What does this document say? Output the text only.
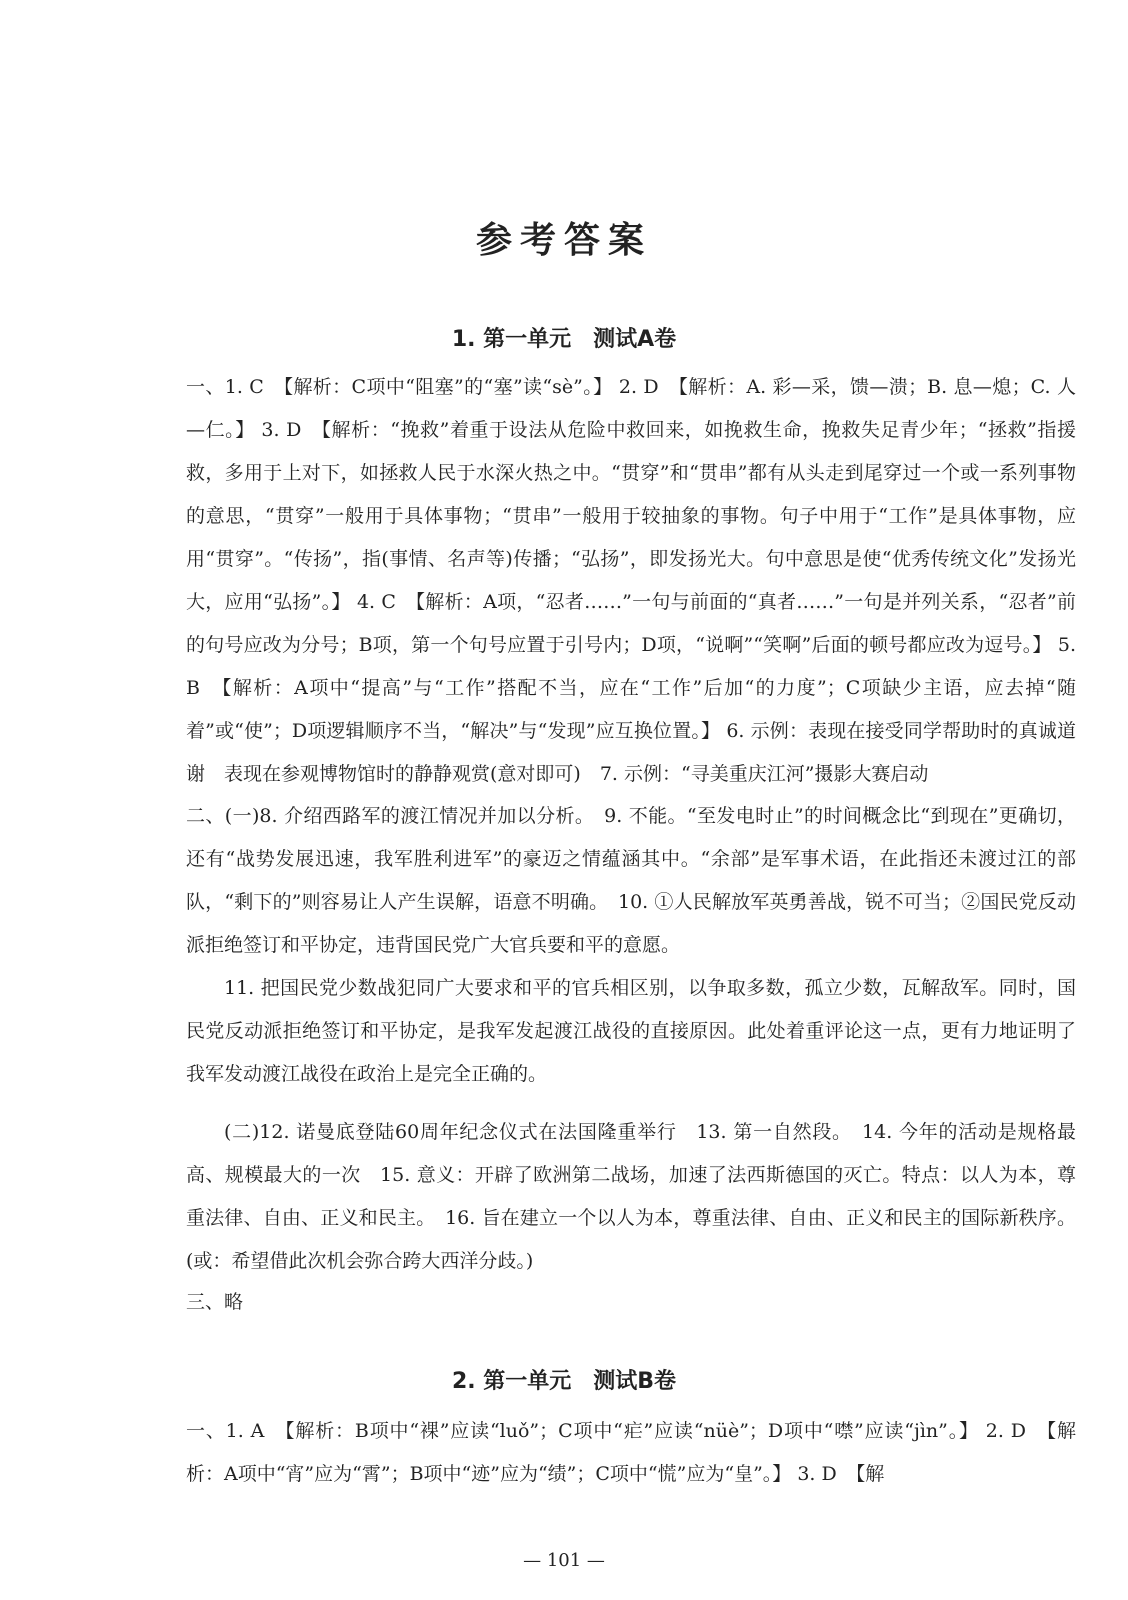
参考答案
1. 第一单元　测试A卷
一、1. C　【解析：C项中“阻塞”的“塞”读“sè”。】 2. D　【解析：A. 彩—采，馈—溃；B. 息—熄；C. 人—仁。】 3. D　【解析：“挽救”着重于设法从危险中救回来，如挽救生命，挽救失足青少年；“拯救”指援救，多用于上对下，如拯救人民于水深火热之中。“贯穿”和“贯串”都有从头走到尾穿过一个或一系列事物的意思，“贯穿”一般用于具体事物；“贯串”一般用于较抽象的事物。句子中用于“工作”是具体事物，应用“贯穿”。“传扬”，指(事情、名声等)传播；“弘扬”，即发扬光大。句中意思是使“优秀传统文化”发扬光大，应用“弘扬”。】 4. C　【解析：A项，“忍者……”一句与前面的“真者……”一句是并列关系，“忍者”前的句号应改为分号；B项，第一个句号应置于引号内；D项，“说啊”“笑啊”后面的顿号都应改为逗号。】 5. B　【解析：A项中“提高”与“工作”搭配不当，应在“工作”后加“的力度”；C项缺少主语，应去掉“随着”或“使”；D项逻辑顺序不当，“解决”与“发现”应互换位置。】 6. 示例：表现在接受同学帮助时的真诚道谢　表现在参观博物馆时的静静观赏(意对即可)　7. 示例：“寻美重庆江河”摄影大赛启动
二、(一)8. 介绍西路军的渡江情况并加以分析。　9. 不能。“至发电时止”的时间概念比“到现在”更确切，还有“战势发展迅速，我军胜利进军”的豪迈之情蕴涵其中。“余部”是军事术语，在此指还未渡过江的部队，“剩下的”则容易让人产生误解，语意不明确。　10. ①人民解放军英勇善战，锐不可当；②国民党反动派拒绝签订和平协定，违背国民党广大官兵要和平的意愿。
11. 把国民党少数战犯同广大要求和平的官兵相区别，以争取多数，孤立少数，瓦解敌军。同时，国民党反动派拒绝签订和平协定，是我军发起渡江战役的直接原因。此处着重评论这一点，更有力地证明了我军发动渡江战役在政治上是完全正确的。
(二)12. 诺曼底登陆60周年纪念仪式在法国隆重举行　13. 第一自然段。　14. 今年的活动是规格最高、规模最大的一次　15. 意义：开辟了欧洲第二战场，加速了法西斯德国的灭亡。特点：以人为本，尊重法律、自由、正义和民主。　16. 旨在建立一个以人为本，尊重法律、自由、正义和民主的国际新秩序。(或：希望借此次机会弥合跨大西洋分歧。)
三、略
2. 第一单元　测试B卷
一、1. A　【解析：B项中“裸”应读“luǒ”；C项中“疟”应读“nüè”；D项中“噤”应读“jìn”。】 2. D　【解析：A项中“宵”应为“霄”；B项中“迹”应为“绩”；C项中“慌”应为“皇”。】 3. D　【解
— 101 —
